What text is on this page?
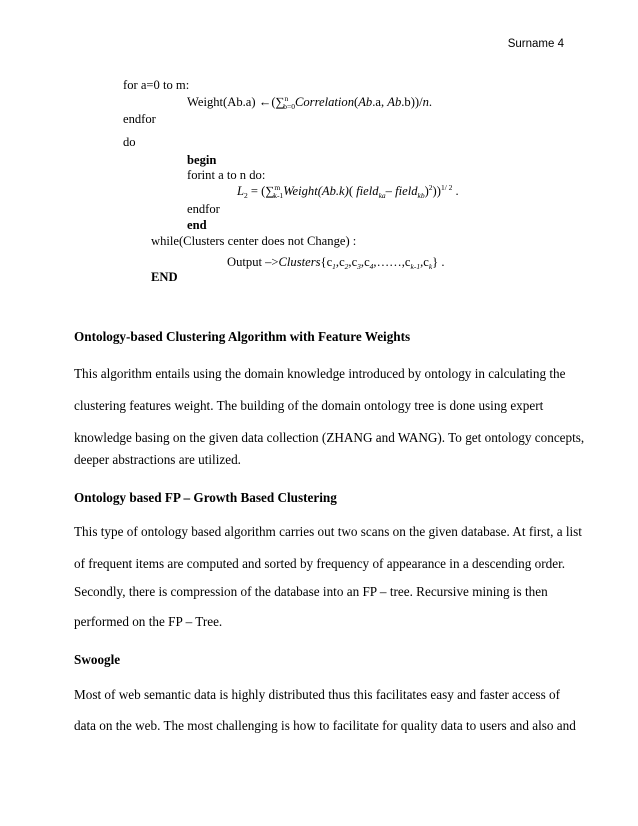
Surname 4
for a=0 to m:
Weight(Ab.a) ←(∑$^n_{b=0}$Correlation(Ab.a, Ab.b))/n.
endfor
do
begin
forint a to n do:
$L_2$ = (∑$^m_{k-1}$Weight(Ab.k)( field$_{ka}$– field$_{kb}$)$^2$))$^{1/ 2}$ .
endfor
end
while(Clusters center does not Change) :
Output $->Clusters\{c_1,c_2,c_3,c_4,\dots\dots,c_{k-1},c_k\}$ .
END
Ontology-based Clustering Algorithm with Feature Weights
This algorithm entails using the domain knowledge introduced by ontology in calculating the
clustering features weight. The building of the domain ontology tree is done using expert
knowledge basing on the given data collection (ZHANG and WANG). To get ontology concepts,
deeper abstractions are utilized.
Ontology based FP – Growth Based Clustering
This type of ontology based algorithm carries out two scans on the given database. At first, a list
of frequent items are computed and sorted by frequency of appearance in a descending order.
Secondly, there is compression of the database into an FP – tree. Recursive mining is then
performed on the FP – Tree.
Swoogle
Most of web semantic data is highly distributed thus this facilitates easy and faster access of
data on the web. The most challenging is how to facilitate for quality data to users and also and
